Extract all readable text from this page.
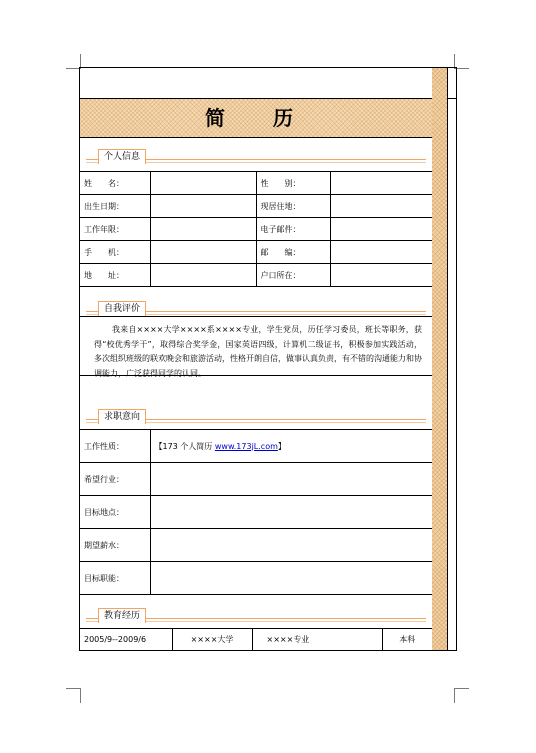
简　历
个人信息
姓　　名：		性　　别：	
出生日期：		现居住地：	
工作年限：		电子邮件：	
手　　机：		邮　　编：	
地　　址：		户口所在：	
自我评价
我来自××××大学××××系××××专业，学生党员，历任学习委员，班长等职务，获得“校优秀学干”，取得综合奖学金，国家英语四级，计算机二级证书，积极参加实践活动，多次组织班级的联欢晚会和旅游活动，性格开朗自信，做事认真负责，有不错的沟通能力和协调能力，广泛获得同学的认同。
求职意向
工作性质：	【173 个人简历 www.173jL.com】
希望行业：	
目标地点：	
期望薪水：	
目标职能：	
教育经历
2005/9--2009/6	××××大学	××××专业	本科
